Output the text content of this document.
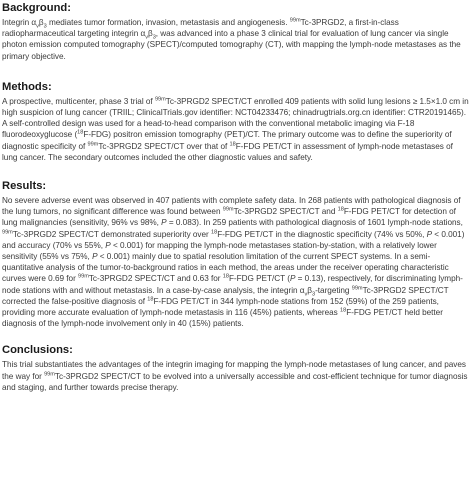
Background:

Integrin $\alpha_v\beta_3$ mediates tumor formation, invasion, metastasis and angiogenesis. $^{99m}$Tc-3PRGD2, a first-in-class radiopharmaceutical targeting integrin $\alpha_v\beta_3$, was advanced into a phase 3 clinical trial for evaluation of lung cancer via single photon emission computed tomography (SPECT)/computed tomography (CT), with mapping the lymph-node metastases as the primary objective.

Methods:

A prospective, multicenter, phase 3 trial of $^{99m}$Tc-3PRGD2 SPECT/CT enrolled 409 patients with solid lung lesions ≥ 1.5×1.0 cm in high suspicion of lung cancer (TRIIL; ClinicalTrials.gov identifier: NCT04233476; chinadrugtrials.org.cn identifier: CTR20191465). A self-controlled design was used for a head-to-head comparison with the conventional metabolic imaging via F-18 fluorodeoxyglucose ($^{18}$F-FDG) positron emission tomography (PET)/CT. The primary outcome was to define the superiority of diagnostic specificity of $^{99m}$Tc-3PRGD2 SPECT/CT over that of $^{18}$F-FDG PET/CT in assessment of lymph-node metastases of lung cancer. The secondary outcomes included the other diagnostic values and safety.

Results:

No severe adverse event was observed in 407 patients with complete safety data. In 268 patients with pathological diagnosis of the lung tumors, no significant difference was found between $^{99m}$Tc-3PRGD2 SPECT/CT and $^{18}$F-FDG PET/CT for detection of lung malignancies (sensitivity, 96% vs 98%, P = 0.083). In 259 patients with pathological diagnosis of 1601 lymph-node stations, $^{99m}$Tc-3PRGD2 SPECT/CT demonstrated superiority over $^{18}$F-FDG PET/CT in the diagnostic specificity (74% vs 50%, P < 0.001) and accuracy (70% vs 55%, P < 0.001) for mapping the lymph-node metastases station-by-station, with a relatively lower sensitivity (55% vs 75%, P < 0.001) mainly due to spatial resolution limitation of the current SPECT systems. In a semi-quantitative analysis of the tumor-to-background ratios in each method, the areas under the receiver operating characteristic curves were 0.69 for $^{99m}$Tc-3PRGD2 SPECT/CT and 0.63 for $^{18}$F-FDG PET/CT (P = 0.13), respectively, for discriminating lymph-node stations with and without metastasis. In a case-by-case analysis, the integrin $\alpha_v\beta_3$-targeting $^{99m}$Tc-3PRGD2 SPECT/CT corrected the false-positive diagnosis of $^{18}$F-FDG PET/CT in 344 lymph-node stations from 152 (59%) of the 259 patients, providing more accurate evaluation of lymph-node metastasis in 116 (45%) patients, whereas $^{18}$F-FDG PET/CT held better diagnosis of the lymph-node involvement only in 40 (15%) patients.

Conclusions:

This trial substantiates the advantages of the integrin imaging for mapping the lymph-node metastases of lung cancer, and paves the way for $^{99m}$Tc-3PRGD2 SPECT/CT to be evolved into a universally accessible and cost-efficient technique for tumor diagnosis and staging, and further towards precise therapy.
